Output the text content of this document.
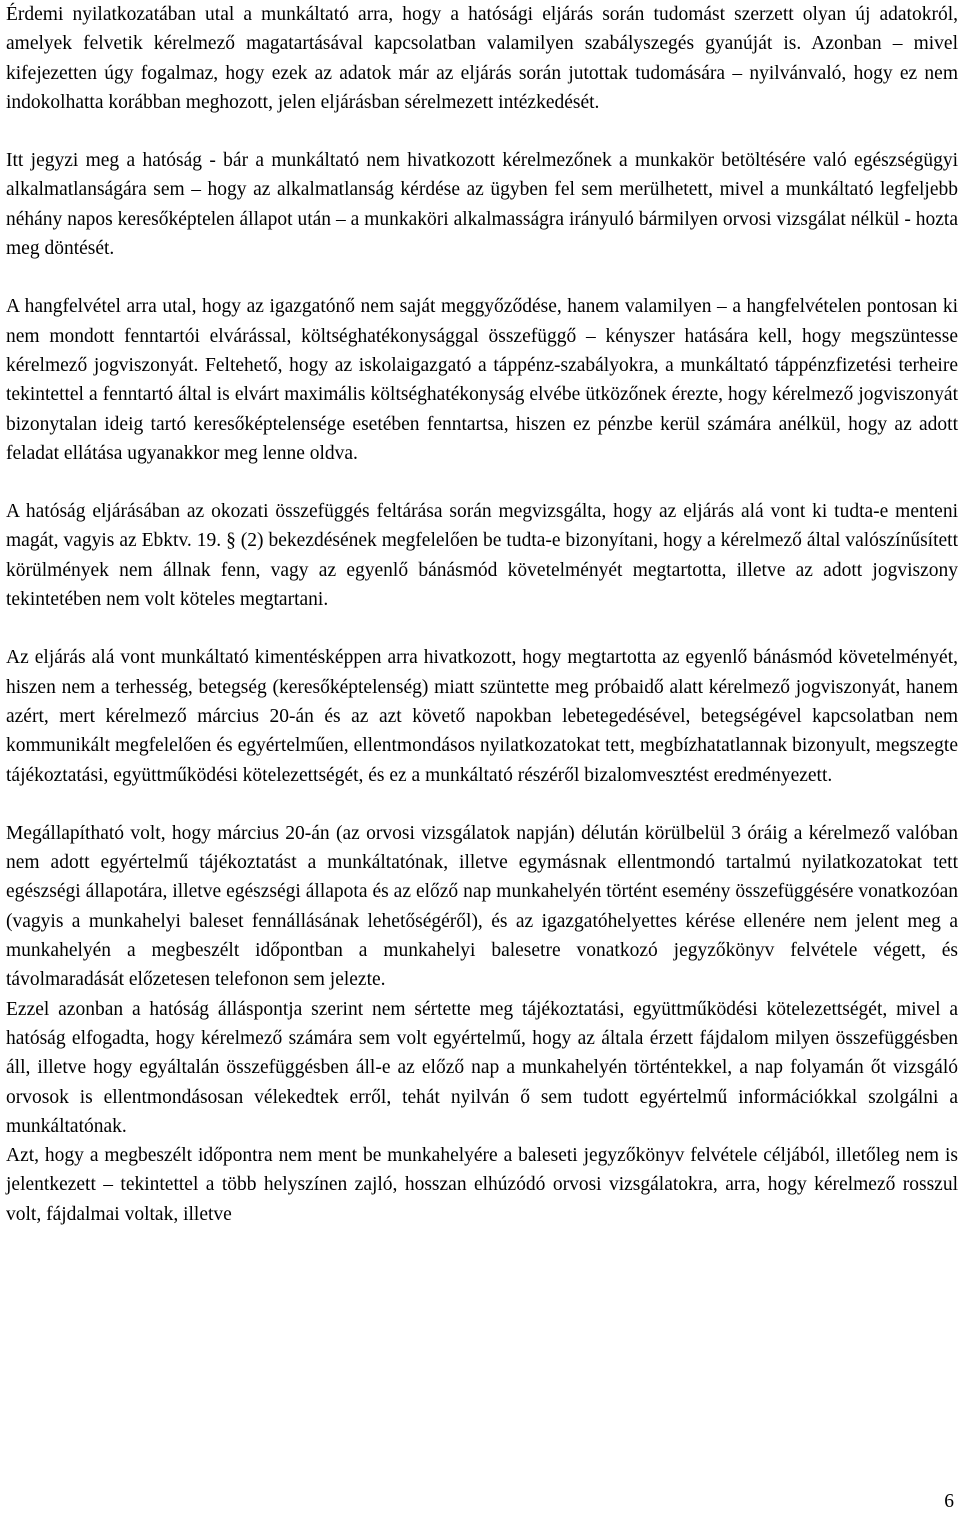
Érdemi nyilatkozatában utal a munkáltató arra, hogy a hatósági eljárás során tudomást szerzett olyan új adatokról, amelyek felvetik kérelmező magatartásával kapcsolatban valamilyen szabályszegés gyanúját is. Azonban – mivel kifejezetten úgy fogalmaz, hogy ezek az adatok már az eljárás során jutottak tudomására – nyilvánvaló, hogy ez nem indokolhatta korábban meghozott, jelen eljárásban sérelmezett intézkedését.

Itt jegyzi meg a hatóság - bár a munkáltató nem hivatkozott kérelmezőnek a munkakör betöltésére való egészségügyi alkalmatlanságára sem – hogy az alkalmatlanság kérdése az ügyben fel sem merülhetett, mivel a munkáltató legfeljebb néhány napos keresőképtelen állapot után – a munkaköri alkalmasságra irányuló bármilyen orvosi vizsgálat nélkül - hozta meg döntését.

A hangfelvétel arra utal, hogy az igazgatónő nem saját meggyőződése, hanem valamilyen – a hangfelvételen pontosan ki nem mondott fenntartói elvárással, költséghatékonysággal összefüggő – kényszer hatására kell, hogy megszüntesse kérelmező jogviszonyát. Feltehető, hogy az iskolaigazgató a táppénz-szabályokra, a munkáltató táppénzfizetési terheire tekintettel a fenntartó által is elvárt maximális költséghatékonyság elvébe ütközőnek érezte, hogy kérelmező jogviszonyát bizonytalan ideig tartó keresőképtelensége esetében fenntartsa, hiszen ez pénzbe kerül számára anélkül, hogy az adott feladat ellátása ugyanakkor meg lenne oldva.

A hatóság eljárásában az okozati összefüggés feltárása során megvizsgálta, hogy az eljárás alá vont ki tudta-e menteni magát, vagyis az Ebktv. 19. § (2) bekezdésének megfelelően be tudta-e bizonyítani, hogy a kérelmező által valószínűsített körülmények nem állnak fenn, vagy az egyenlő bánásmód követelményét megtartotta, illetve az adott jogviszony tekintetében nem volt köteles megtartani.

Az eljárás alá vont munkáltató kimentésképpen arra hivatkozott, hogy megtartotta az egyenlő bánásmód követelményét, hiszen nem a terhesség, betegség (keresőképtelenség) miatt szüntette meg próbaidő alatt kérelmező jogviszonyát, hanem azért, mert kérelmező március 20-án és az azt követő napokban lebetegedésével, betegségével kapcsolatban nem kommunikált megfelelően és egyértelműen, ellentmondásos nyilatkozatokat tett, megbízhatatlannak bizonyult, megszegte tájékoztatási, együttműködési kötelezettségét, és ez a munkáltató részéről bizalomvesztést eredményezett.

Megállapítható volt, hogy március 20-án (az orvosi vizsgálatok napján) délután körülbelül 3 óráig a kérelmező valóban nem adott egyértelmű tájékoztatást a munkáltatónak, illetve egymásnak ellentmondó tartalmú nyilatkozatokat tett egészségi állapotára, illetve egészségi állapota és az előző nap munkahelyén történt esemény összefüggésére vonatkozóan (vagyis a munkahelyi baleset fennállásának lehetőségéről), és az igazgatóhelyettes kérése ellenére nem jelent meg a munkahelyén a megbeszélt időpontban a munkahelyi balesetre vonatkozó jegyzőkönyv felvétele végett, és távolmaradását előzetesen telefonon sem jelezte.

Ezzel azonban a hatóság álláspontja szerint nem sértette meg tájékoztatási, együttműködési kötelezettségét, mivel a hatóság elfogadta, hogy kérelmező számára sem volt egyértelmű, hogy az általa érzett fájdalom milyen összefüggésben áll, illetve hogy egyáltalán összefüggésben áll-e az előző nap a munkahelyén történtekkel, a nap folyamán őt vizsgáló orvosok is ellentmondásosan vélekedtek erről, tehát nyilván ő sem tudott egyértelmű információkkal szolgálni a munkáltatónak.

Azt, hogy a megbeszélt időpontra nem ment be munkahelyére a baleseti jegyzőkönyv felvétele céljából, illetőleg nem is jelentkezett – tekintettel a több helyszínen zajló, hosszan elhúzódó orvosi vizsgálatokra, arra, hogy kérelmező rosszul volt, fájdalmai voltak, illetve

6
